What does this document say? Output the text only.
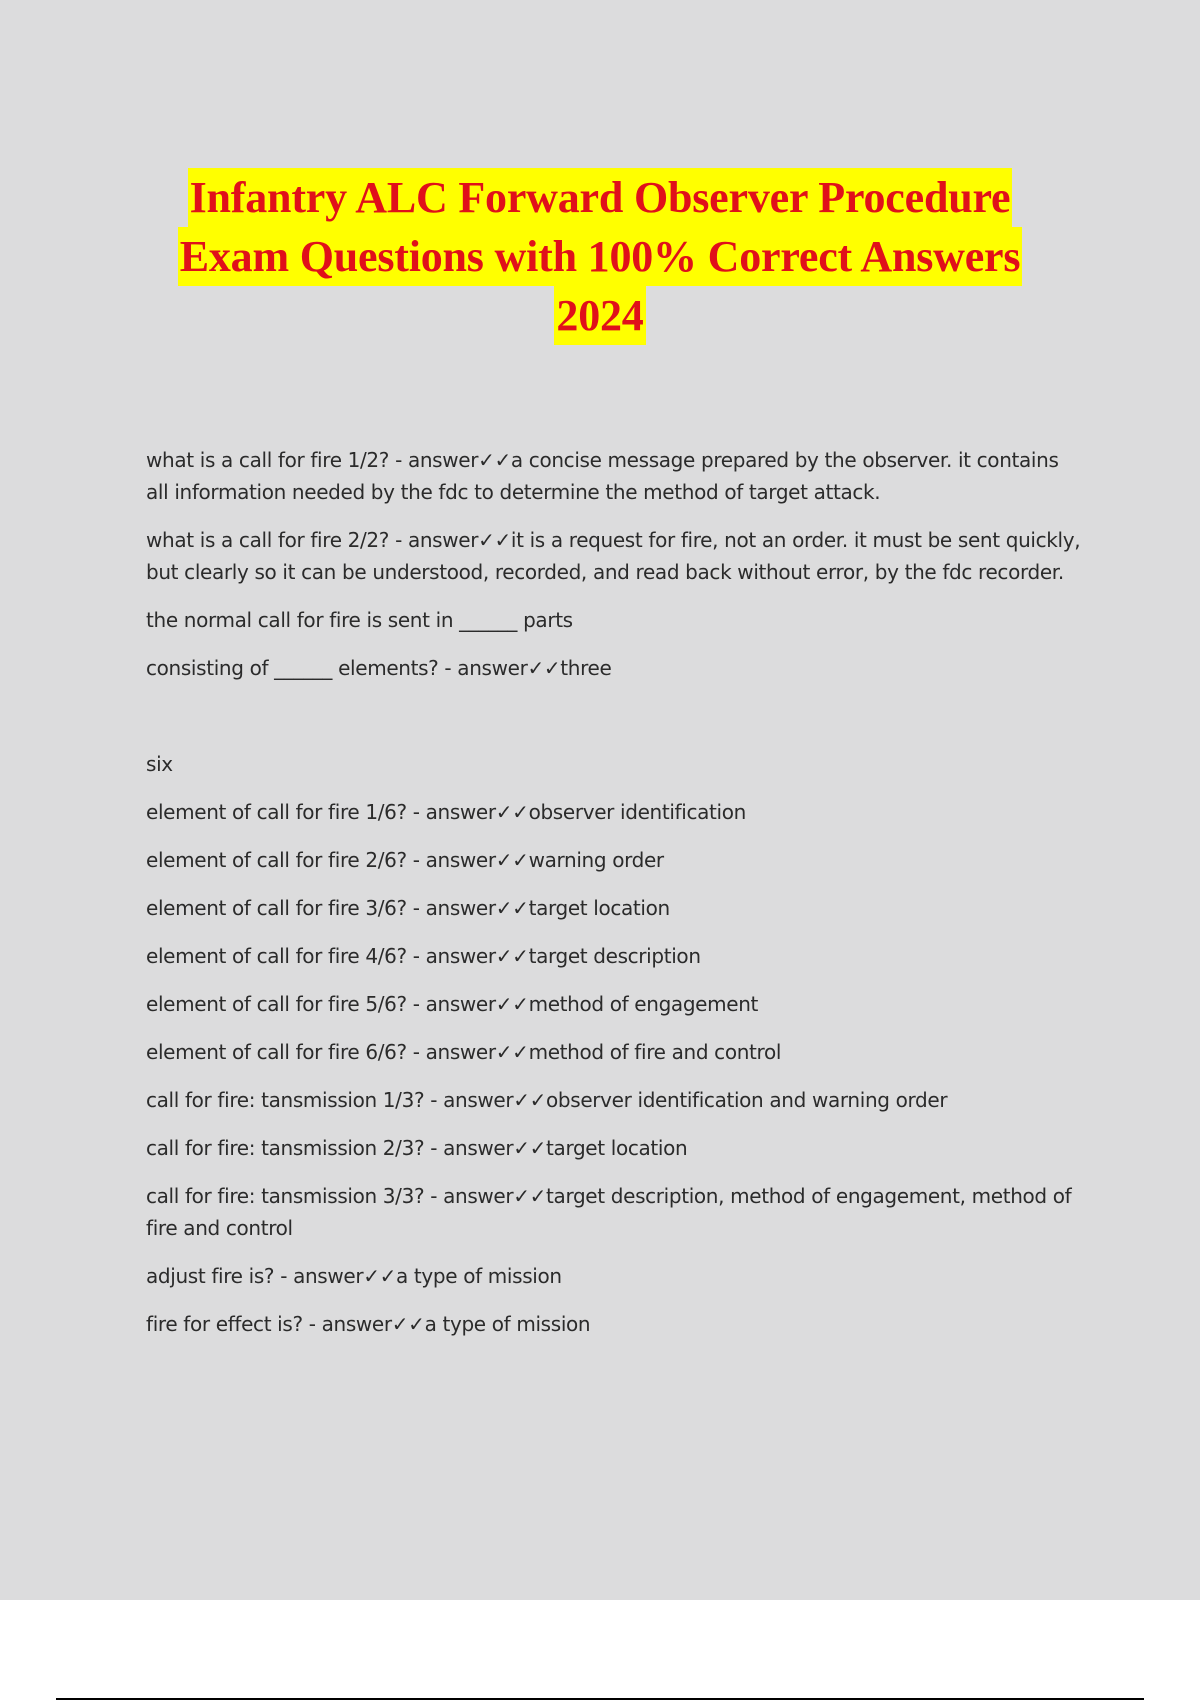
Infantry ALC Forward Observer Procedure
Exam Questions with 100% Correct Answers
2024

what is a call for fire 1/2? - answer✓✓a concise message prepared by the observer. it contains all information needed by the fdc to determine the method of target attack.

what is a call for fire 2/2? - answer✓✓it is a request for fire, not an order. it must be sent quickly, but clearly so it can be understood, recorded, and read back without error, by the fdc recorder.

the normal call for fire is sent in ______ parts

consisting of ______ elements? - answer✓✓three

six

element of call for fire 1/6? - answer✓✓observer identification

element of call for fire 2/6? - answer✓✓warning order

element of call for fire 3/6? - answer✓✓target location

element of call for fire 4/6? - answer✓✓target description

element of call for fire 5/6? - answer✓✓method of engagement

element of call for fire 6/6? - answer✓✓method of fire and control

call for fire: tansmission 1/3? - answer✓✓observer identification and warning order

call for fire: tansmission 2/3? - answer✓✓target location

call for fire: tansmission 3/3? - answer✓✓target description, method of engagement, method of fire and control

adjust fire is? - answer✓✓a type of mission

fire for effect is? - answer✓✓a type of mission
